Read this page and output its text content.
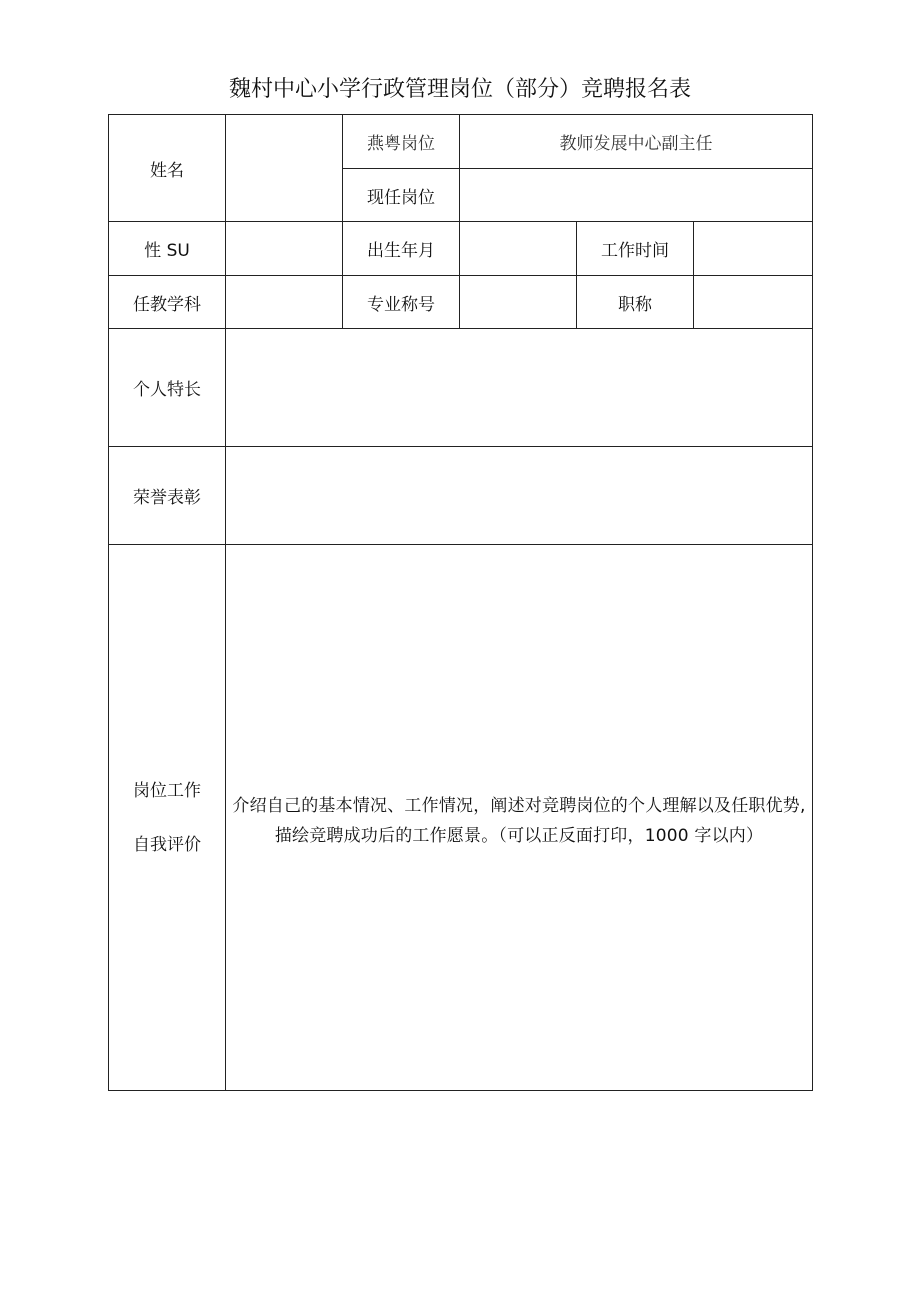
魏村中心小学行政管理岗位（部分）竞聘报名表
姓名		燕粤岗位	教师发展中心副主任		
		现任岗位			
性 SU		出生年月		工作时间	
任教学科		专业称号		职称	
个人特长					
荣誉表彰					

岗位工作
自我评价	介绍自己的基本情况、工作情况，阐述对竞聘岗位的个人理解以及任职优势,描绘竞聘成功后的工作愿景。（可以正反面打印，1000 字以内）				
